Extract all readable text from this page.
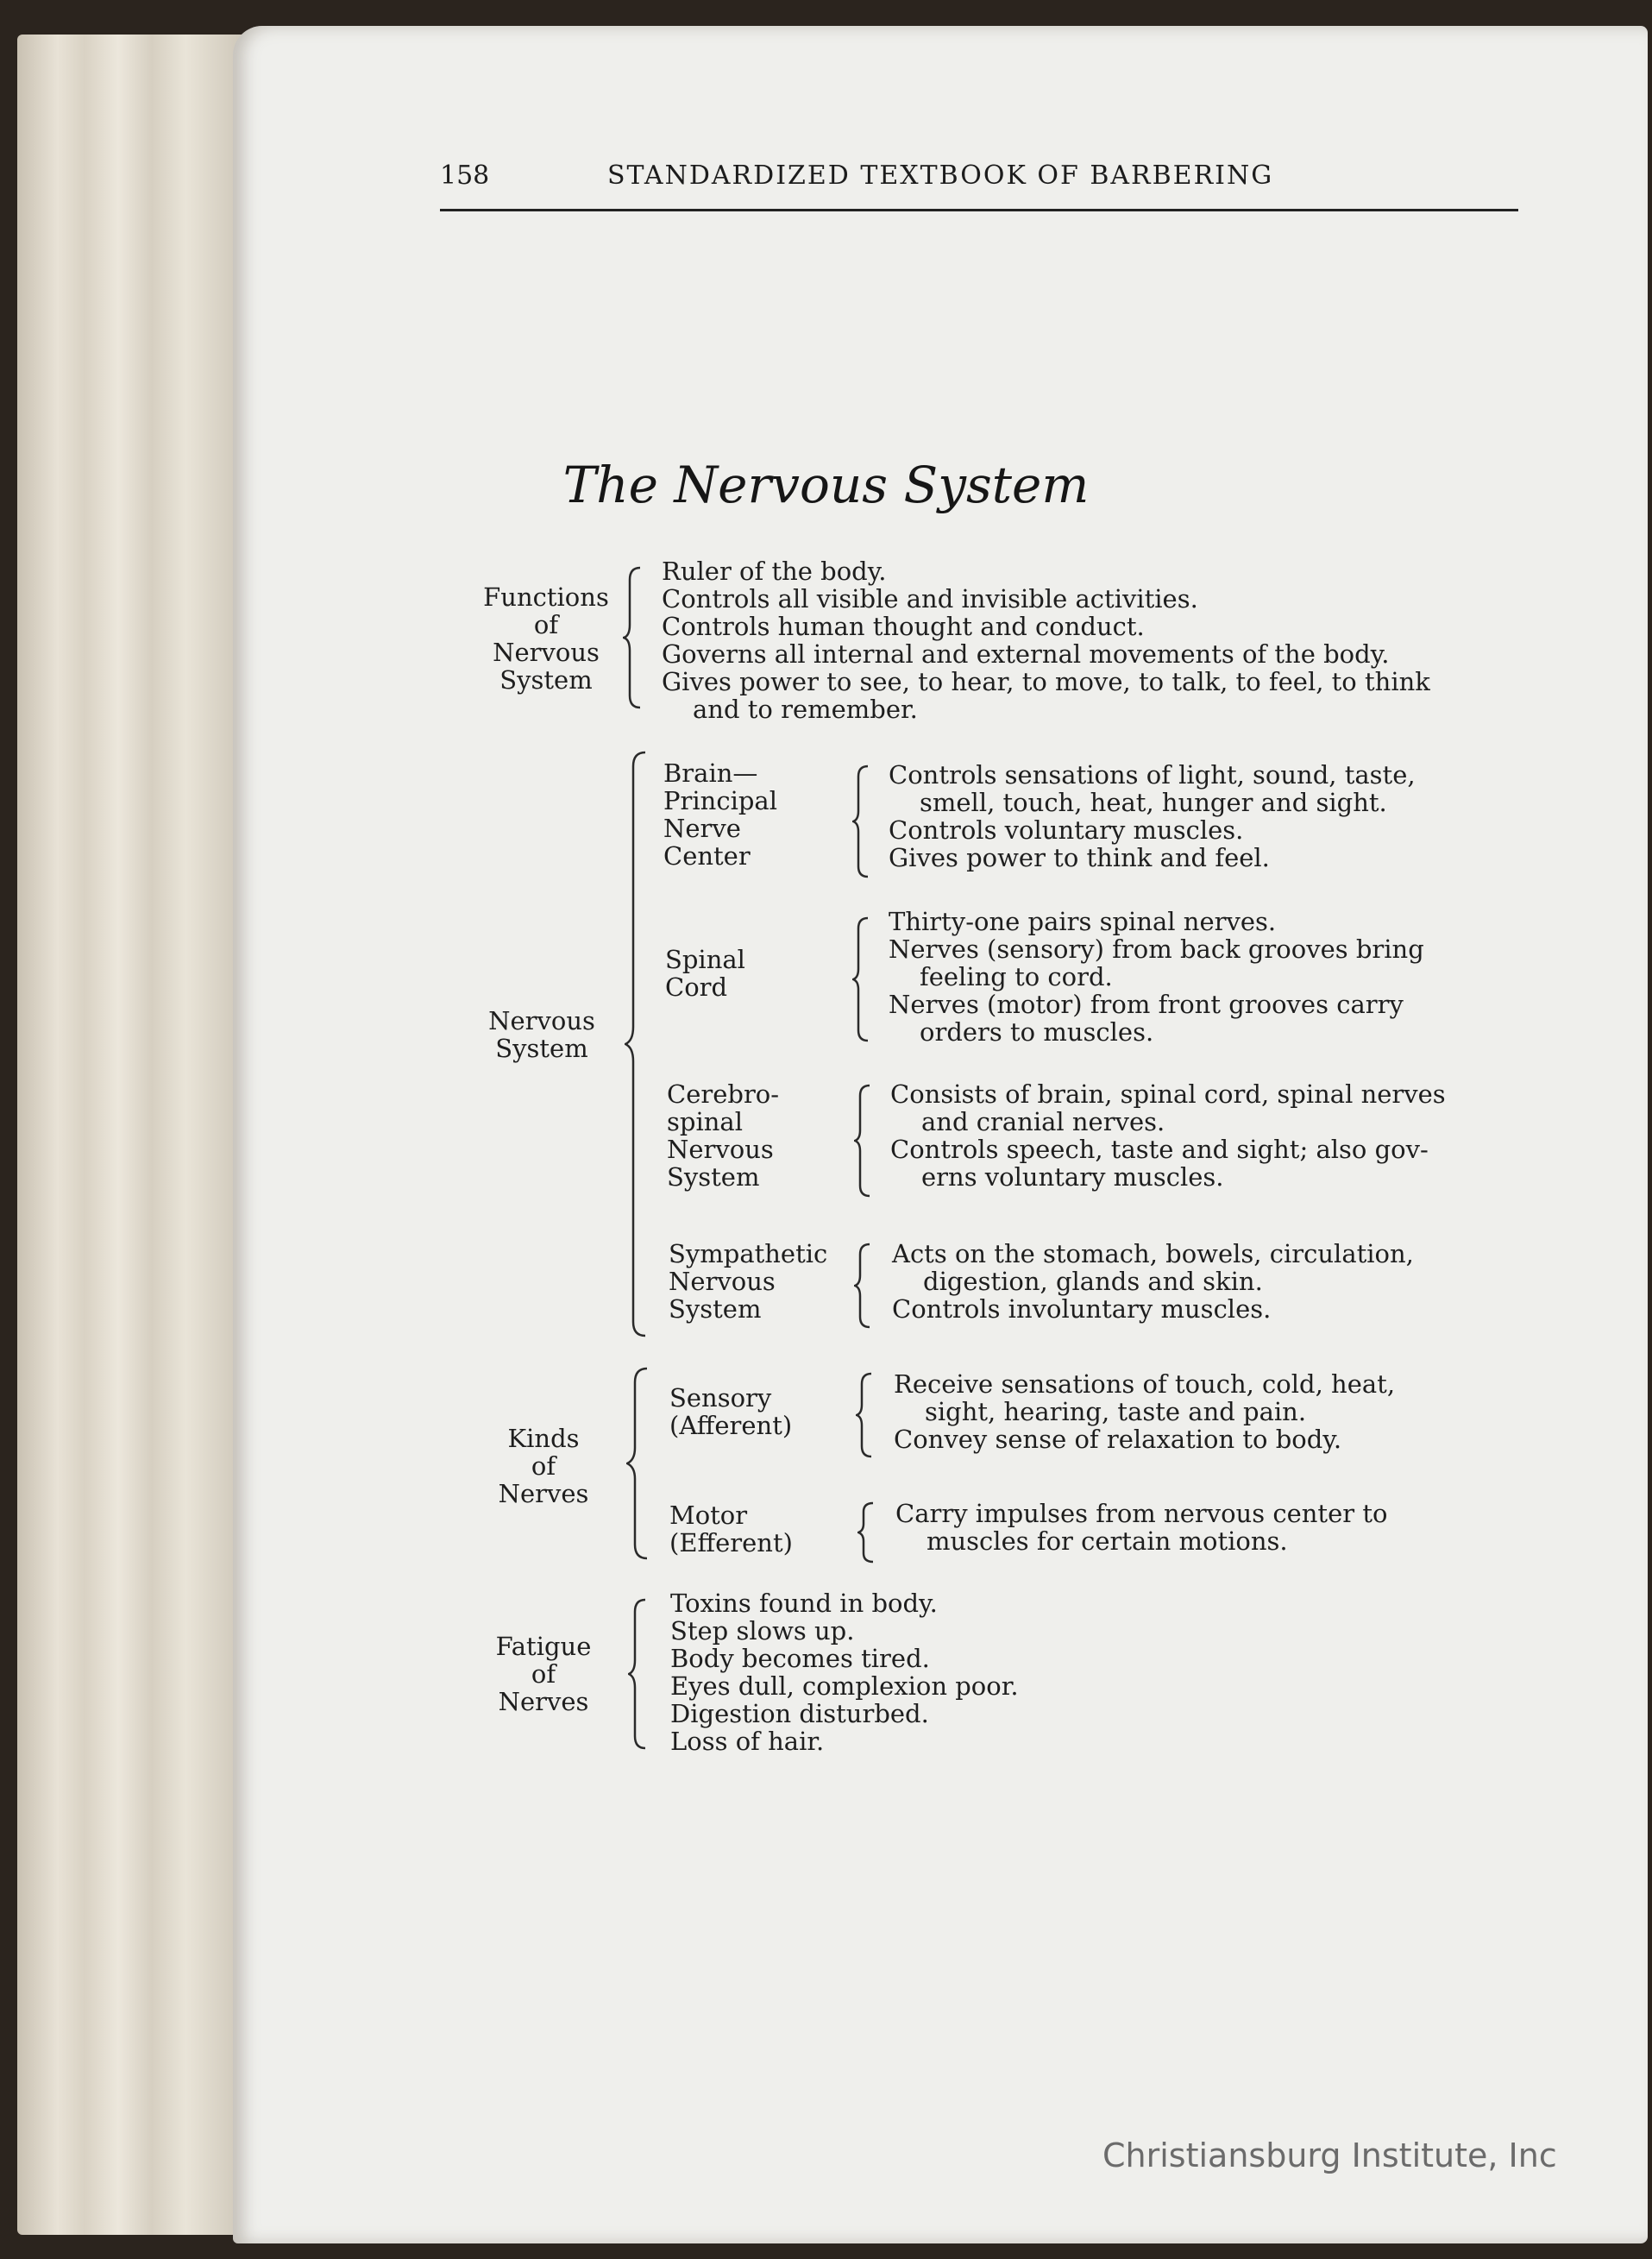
158	STANDARDIZED TEXTBOOK OF BARBERING
The Nervous System
Functions
of
Nervous
System
Ruler of the body.
Controls all visible and invisible activities.
Controls human thought and conduct.
Governs all internal and external movements of the body.
Gives power to see, to hear, to move, to talk, to feel, to think
and to remember.
Nervous
System
Brain—
Principal
Nerve
Center
Controls sensations of light, sound, taste,
smell, touch, heat, hunger and sight.
Controls voluntary muscles.
Gives power to think and feel.
Spinal
Cord
Thirty-one pairs spinal nerves.
Nerves (sensory) from back grooves bring
feeling to cord.
Nerves (motor) from front grooves carry
orders to muscles.
Cerebro-
spinal
Nervous
System
Consists of brain, spinal cord, spinal nerves
and cranial nerves.
Controls speech, taste and sight; also gov-
erns voluntary muscles.
Sympathetic
Nervous
System
Acts on the stomach, bowels, circulation,
digestion, glands and skin.
Controls involuntary muscles.
Kinds
of
Nerves
Sensory
(Afferent)
Receive sensations of touch, cold, heat,
sight, hearing, taste and pain.
Convey sense of relaxation to body.
Motor
(Efferent)
Carry impulses from nervous center to
muscles for certain motions.
Fatigue
of
Nerves
Toxins found in body.
Step slows up.
Body becomes tired.
Eyes dull, complexion poor.
Digestion disturbed.
Loss of hair.
Christiansburg Institute, Inc
